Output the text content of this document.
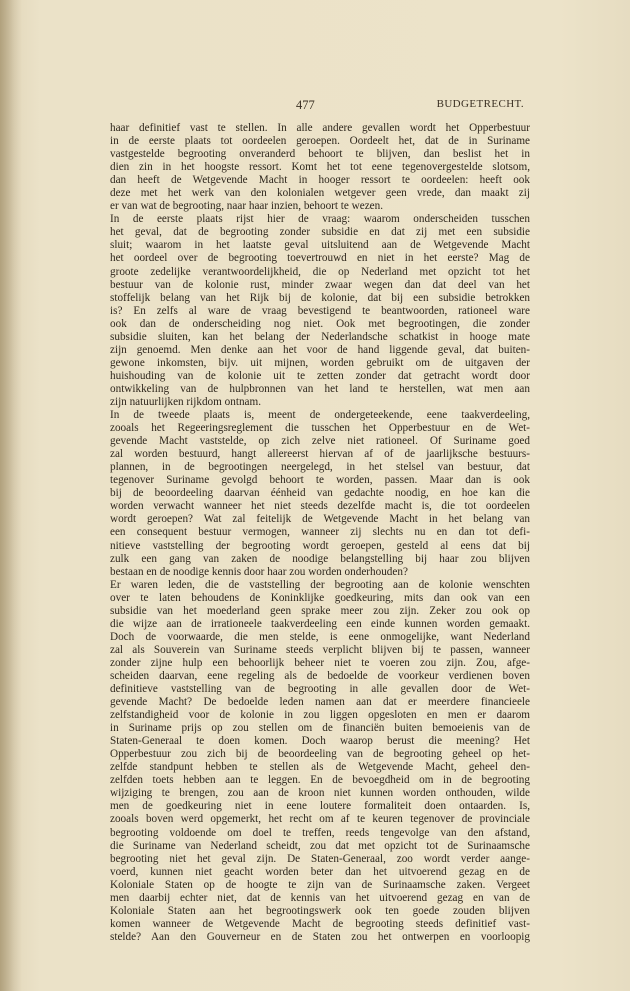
477	BUDGETRECHT.
haar definitief vast te stellen. In alle andere gevallen wordt het Opperbestuur
in de eerste plaats tot oordeelen geroepen. Oordeelt het, dat de in Suriname
vastgestelde begrooting onveranderd behoort te blijven, dan beslist het in
dien zin in het hoogste ressort. Komt het tot eene tegenovergestelde slotsom,
dan heeft de Wetgevende Macht in hooger ressort te oordeelen: heeft ook
deze met het werk van den kolonialen wetgever geen vrede, dan maakt zij
er van wat de begrooting, naar haar inzien, behoort te wezen.
In de eerste plaats rijst hier de vraag: waarom onderscheiden tusschen
het geval, dat de begrooting zonder subsidie en dat zij met een subsidie
sluit; waarom in het laatste geval uitsluitend aan de Wetgevende Macht
het oordeel over de begrooting toevertrouwd en niet in het eerste? Mag de
groote zedelijke verantwoordelijkheid, die op Nederland met opzicht tot het
bestuur van de kolonie rust, minder zwaar wegen dan dat deel van het
stoffelijk belang van het Rijk bij de kolonie, dat bij een subsidie betrokken
is? En zelfs al ware de vraag bevestigend te beantwoorden, rationeel ware
ook dan de onderscheiding nog niet. Ook met begrootingen, die zonder
subsidie sluiten, kan het belang der Nederlandsche schatkist in hooge mate
zijn genoemd. Men denke aan het voor de hand liggende geval, dat buiten-
gewone inkomsten, bijv. uit mijnen, worden gebruikt om de uitgaven der
huishouding van de kolonie uit te zetten zonder dat getracht wordt door
ontwikkeling van de hulpbronnen van het land te herstellen, wat men aan
zijn natuurlijken rijkdom ontnam.
In de tweede plaats is, meent de ondergeteekende, eene taakverdeeling,
zooals het Regeeringsreglement die tusschen het Opperbestuur en de Wet-
gevende Macht vaststelde, op zich zelve niet rationeel. Of Suriname goed
zal worden bestuurd, hangt allereerst hiervan af of de jaarlijksche bestuurs-
plannen, in de begrootingen neergelegd, in het stelsel van bestuur, dat
tegenover Suriname gevolgd behoort te worden, passen. Maar dan is ook
bij de beoordeeling daarvan éénheid van gedachte noodig, en hoe kan die
worden verwacht wanneer het niet steeds dezelfde macht is, die tot oordeelen
wordt geroepen? Wat zal feitelijk de Wetgevende Macht in het belang van
een consequent bestuur vermogen, wanneer zij slechts nu en dan tot defi-
nitieve vaststelling der begrooting wordt geroepen, gesteld al eens dat bij
zulk een gang van zaken de noodige belangstelling bij haar zou blijven
bestaan en de noodige kennis door haar zou worden onderhouden?
Er waren leden, die de vaststelling der begrooting aan de kolonie wenschten
over te laten behoudens de Koninklijke goedkeuring, mits dan ook van een
subsidie van het moederland geen sprake meer zou zijn. Zeker zou ook op
die wijze aan de irrationeele taakverdeeling een einde kunnen worden gemaakt.
Doch de voorwaarde, die men stelde, is eene onmogelijke, want Nederland
zal als Souverein van Suriname steeds verplicht blijven bij te passen, wanneer
zonder zijne hulp een behoorlijk beheer niet te voeren zou zijn. Zou, afge-
scheiden daarvan, eene regeling als de bedoelde de voorkeur verdienen boven
definitieve vaststelling van de begrooting in alle gevallen door de Wet-
gevende Macht? De bedoelde leden namen aan dat er meerdere financieele
zelfstandigheid voor de kolonie in zou liggen opgesloten en men er daarom
in Suriname prijs op zou stellen om de financiën buiten bemoeienis van de
Staten-Generaal te doen komen. Doch waarop berust die meening? Het
Opperbestuur zou zich bij de beoordeeling van de begrooting geheel op het-
zelfde standpunt hebben te stellen als de Wetgevende Macht, geheel den-
zelfden toets hebben aan te leggen. En de bevoegdheid om in de begrooting
wijziging te brengen, zou aan de kroon niet kunnen worden onthouden, wilde
men de goedkeuring niet in eene loutere formaliteit doen ontaarden. Is,
zooals boven werd opgemerkt, het recht om af te keuren tegenover de provinciale
begrooting voldoende om doel te treffen, reeds tengevolge van den afstand,
die Suriname van Nederland scheidt, zou dat met opzicht tot de Surinaamsche
begrooting niet het geval zijn. De Staten-Generaal, zoo wordt verder aange-
voerd, kunnen niet geacht worden beter dan het uitvoerend gezag en de
Koloniale Staten op de hoogte te zijn van de Surinaamsche zaken. Vergeet
men daarbij echter niet, dat de kennis van het uitvoerend gezag en van de
Koloniale Staten aan het begrootingswerk ook ten goede zouden blijven
komen wanneer de Wetgevende Macht de begrooting steeds definitief vast-
stelde? Aan den Gouverneur en de Staten zou het ontwerpen en voorloopig
